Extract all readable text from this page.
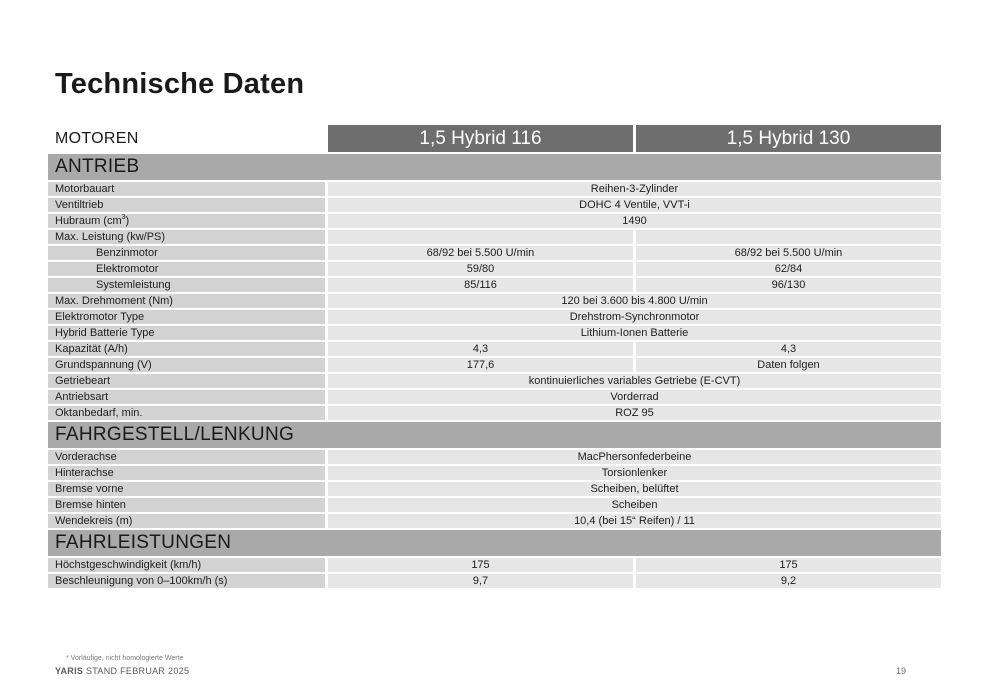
Technische Daten
MOTOREN	1,5 Hybrid 116	1,5 Hybrid 130
ANTRIEB		
Motorbauart	Reihen-3-Zylinder	
Ventiltrieb	DOHC 4 Ventile, VVT-i	
Hubraum $(cm^3)$	1490	
Max. Leistung (kw/PS)		
Benzinmotor	68/92 bei 5.500 U/min	68/92 bei 5.500 U/min
Elektromotor	59/80	62/84
Systemleistung	85/116	96/130
Max. Drehmoment (Nm)	120 bei 3.600 bis 4.800 U/min	
Elektromotor Type	Drehstrom-Synchronmotor	
Hybrid Batterie Type	Lithium-Ionen Batterie	
Kapazität (A/h)	4,3	4,3
Grundspannung (V)	177,6	Daten folgen
Getriebeart	kontinuierliches variables Getriebe (E-CVT)	
Antriebsart	Vorderrad	
Oktanbedarf, min.	ROZ 95	
FAHRGESTELL/LENKUNG		
Vorderachse	MacPhersonfederbeine	
Hinterachse	Torsionlenker	
Bremse vorne	Scheiben, belüftet	
Bremse hinten	Scheiben	
Wendekreis (m)	10,4 (bei 15“ Reifen) / 11	
FAHRLEISTUNGEN		
Höchstgeschwindigkeit (km/h)	175	175
Beschleunigung von 0–100km/h (s)	9,7	9,2
* Vorläufige, nicht homologierte Werte
YARIS STAND FEBRUAR 2025	19
